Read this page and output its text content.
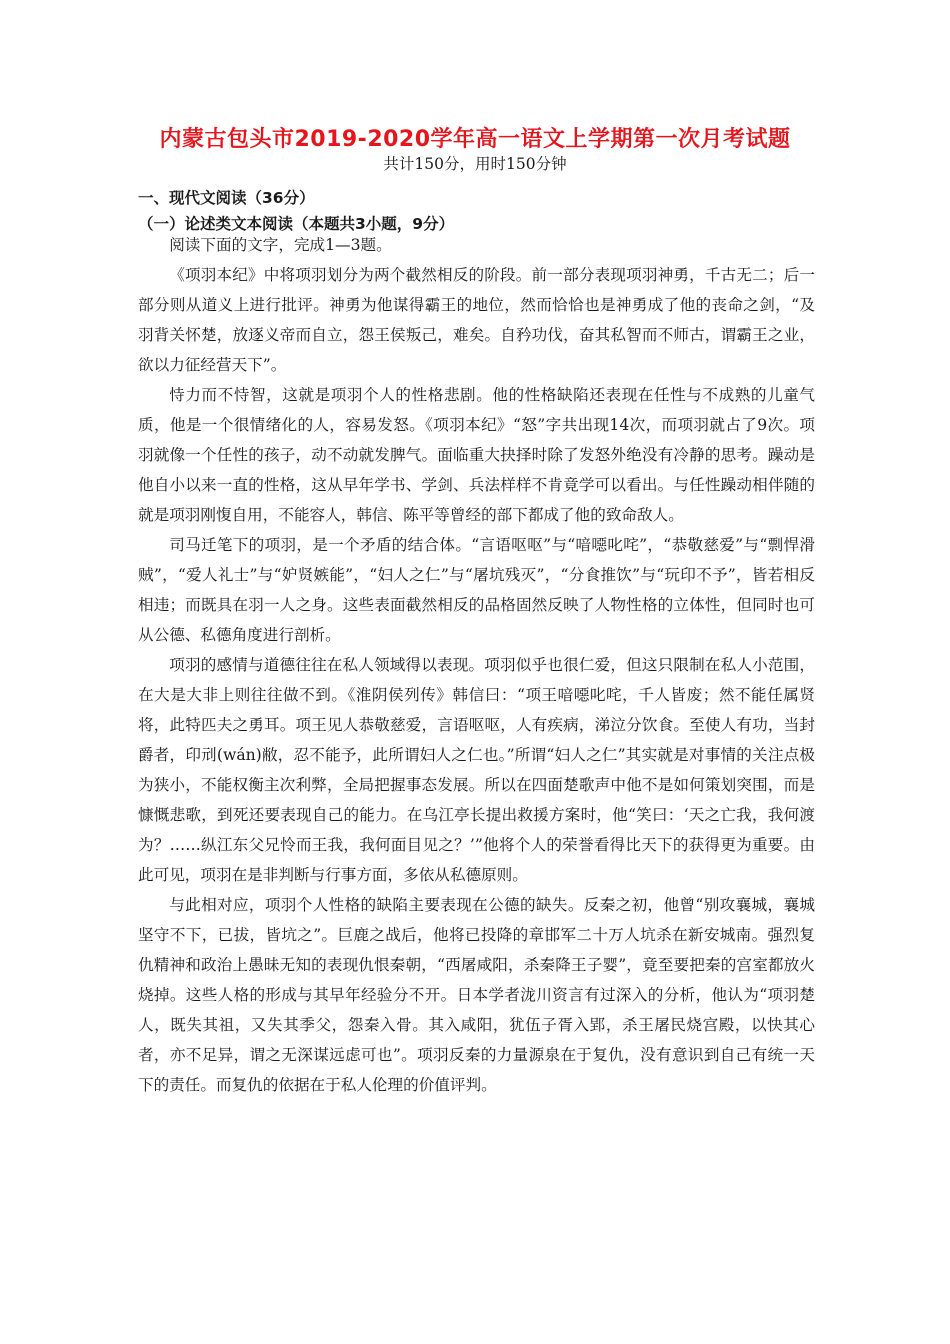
内蒙古包头市2019-2020学年高一语文上学期第一次月考试题
共计150分，用时150分钟
一、现代文阅读（36分）
（一）论述类文本阅读（本题共3小题，9分）

阅读下面的文字，完成1—3题。

《项羽本纪》中将项羽划分为两个截然相反的阶段。前一部分表现项羽神勇，千古无二；后一部分则从道义上进行批评。神勇为他谋得霸王的地位，然而恰恰也是神勇成了他的丧命之剑，“及羽背关怀楚，放逐义帝而自立，怨王侯叛己，难矣。自矜功伐，奋其私智而不师古，谓霸王之业，欲以力征经营天下”。

恃力而不恃智，这就是项羽个人的性格悲剧。他的性格缺陷还表现在任性与不成熟的儿童气质，他是一个很情绪化的人，容易发怒。《项羽本纪》“怒”字共出现14次，而项羽就占了9次。项羽就像一个任性的孩子，动不动就发脾气。面临重大抉择时除了发怒外绝没有冷静的思考。躁动是他自小以来一直的性格，这从早年学书、学剑、兵法样样不肯竟学可以看出。与任性躁动相伴随的就是项羽刚愎自用，不能容人，韩信、陈平等曾经的部下都成了他的致命敌人。

司马迁笔下的项羽，是一个矛盾的结合体。“言语呕呕”与“喑噁叱咤”，“恭敬慈爱”与“剽悍滑贼”，“爱人礼士”与“妒贤嫉能”，“妇人之仁”与“屠坑残灭”，“分食推饮”与“玩印不予”，皆若相反相违；而既具在羽一人之身。这些表面截然相反的品格固然反映了人物性格的立体性，但同时也可从公德、私德角度进行剖析。

项羽的感情与道德往往在私人领域得以表现。项羽似乎也很仁爱，但这只限制在私人小范围，在大是大非上则往往做不到。《淮阴侯列传》韩信曰：“项王喑噁叱咤，千人皆废；然不能任属贤将，此特匹夫之勇耳。项王见人恭敬慈爱，言语呕呕，人有疾病，涕泣分饮食。至使人有功，当封爵者，印刓(wán)敝，忍不能予，此所谓妇人之仁也。”所谓“妇人之仁”其实就是对事情的关注点极为狭小，不能权衡主次利弊，全局把握事态发展。所以在四面楚歌声中他不是如何策划突围，而是慷慨悲歌，到死还要表现自己的能力。在乌江亭长提出救援方案时，他“笑曰：‘天之亡我，我何渡为？……纵江东父兄怜而王我，我何面目见之？’”他将个人的荣誉看得比天下的获得更为重要。由此可见，项羽在是非判断与行事方面，多依从私德原则。

与此相对应，项羽个人性格的缺陷主要表现在公德的缺失。反秦之初，他曾“别攻襄城，襄城坚守不下，已拔，皆坑之”。巨鹿之战后，他将已投降的章邯军二十万人坑杀在新安城南。强烈复仇精神和政治上愚昧无知的表现仇恨秦朝，“西屠咸阳，杀秦降王子婴”，竟至要把秦的宫室都放火烧掉。这些人格的形成与其早年经验分不开。日本学者泷川资言有过深入的分析，他认为“项羽楚人，既失其祖，又失其季父，怨秦入骨。其入咸阳，犹伍子胥入郢，杀王屠民烧宫殿，以快其心者，亦不足异，谓之无深谋远虑可也”。项羽反秦的力量源泉在于复仇，没有意识到自己有统一天下的责任。而复仇的依据在于私人伦理的价值评判。
